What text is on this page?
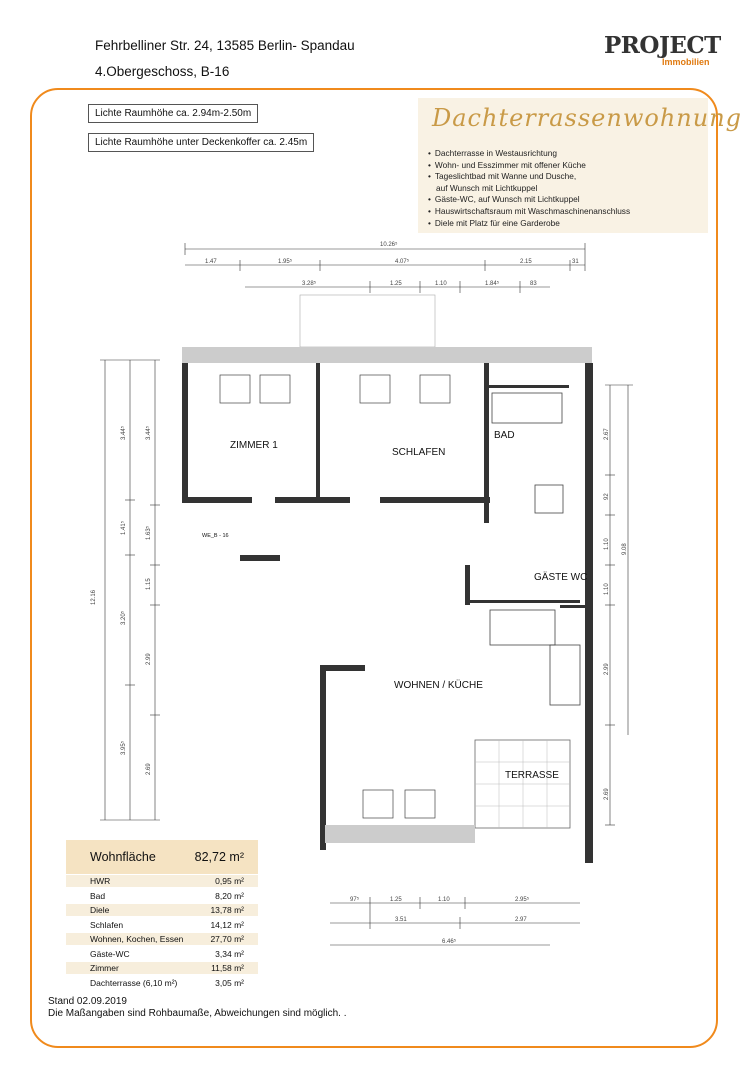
Fehrbelliner Str. 24, 13585 Berlin- Spandau
4.Obergeschoss, B-16
PROJECT
Immobilien
Lichte Raumhöhe ca. 2.94m-2.50m
Lichte Raumhöhe unter Deckenkoffer ca. 2.45m
Dachterrassenwohnung
• Dachterrasse in Westausrichtung
• Wohn- und Esszimmer mit offener Küche
• Tageslichtbad mit Wanne und Dusche,
auf Wunsch mit Lichtkuppel
• Gäste-WC, auf Wunsch mit Lichtkuppel
• Hauswirtschaftsraum mit Waschmaschinenanschluss
• Diele mit Platz für eine Garderobe
10.26⁵
1.47	1.95⁵	4.07⁵	2.15	31
3.28⁵	1.25	1.10	1.84⁵	83
12.16
3.44⁵
1.41⁵
3.20⁵
3.95⁵
3.44⁵
1.63⁵
1.15
2.99
2.69
9.08
2.67
92
1.10
1.10
2.99
2.69
97⁵	1.25	1.10	2.95⁵
3.51	2.97
6.46⁵
ZIMMER 1
SCHLAFEN
BAD
GÄSTE WC
WOHNEN / KÜCHE
TERRASSE
WE_B - 16
Wohnfläche	82,72 m²
HWR	0,95 m²
Bad	8,20 m²
Diele	13,78 m²
Schlafen	14,12 m²
Wohnen, Kochen, Essen	27,70 m²
Gäste-WC	3,34 m²
Zimmer	11,58 m²
Dachterrasse (6,10 m²)	3,05 m²
Stand 02.09.2019
Die Maßangaben sind Rohbaumaße, Abweichungen sind möglich. .
